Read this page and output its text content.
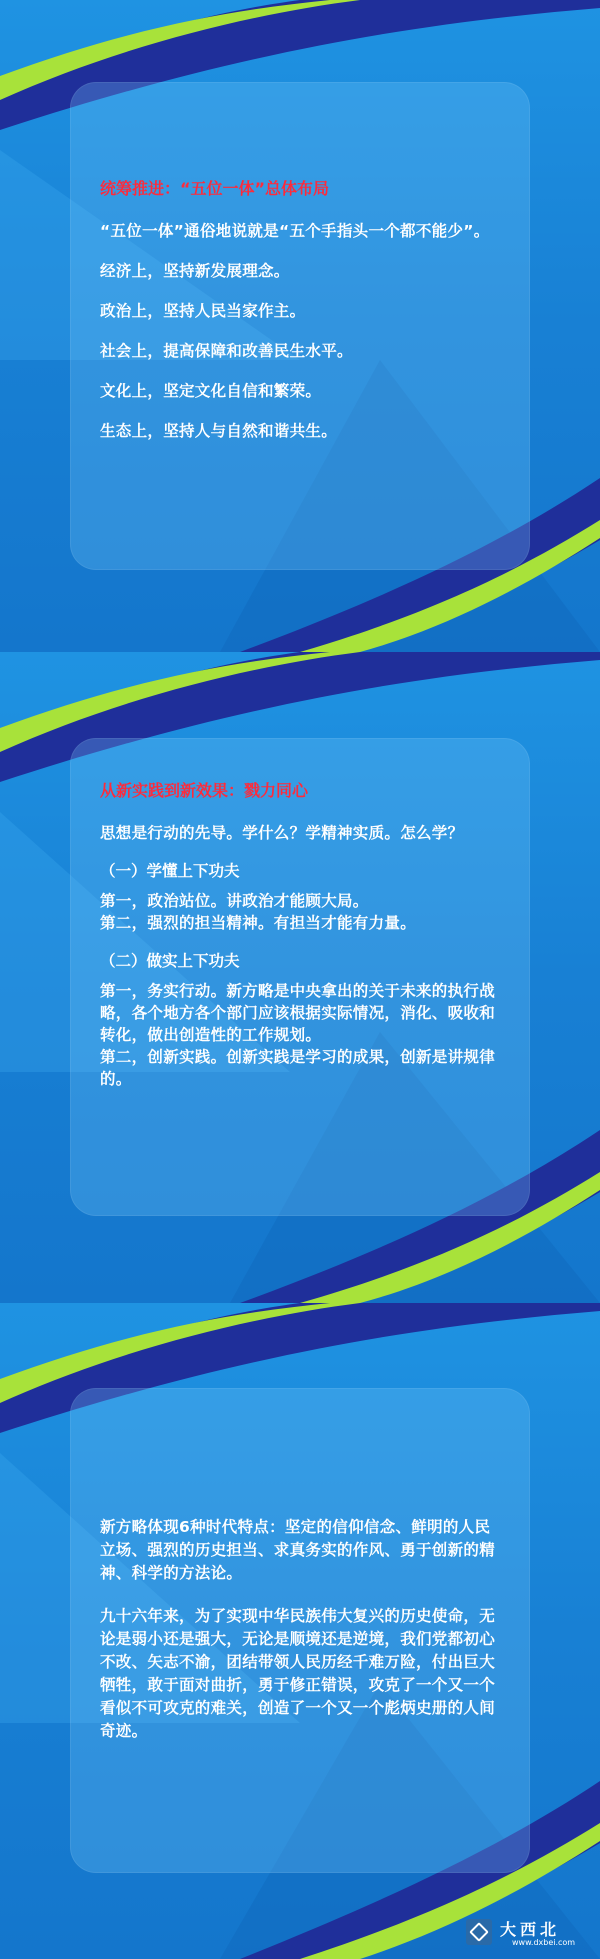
统筹推进：“五位一体”总体布局

“五位一体”通俗地说就是“五个手指头一个都不能少”。

经济上，坚持新发展理念。

政治上，坚持人民当家作主。

社会上，提高保障和改善民生水平。

文化上，坚定文化自信和繁荣。

生态上，坚持人与自然和谐共生。

从新实践到新效果：戮力同心

思想是行动的先导。学什么？学精神实质。怎么学？

（一）学懂上下功夫

第一，政治站位。讲政治才能顾大局。

第二，强烈的担当精神。有担当才能有力量。

（二）做实上下功夫

第一，务实行动。新方略是中央拿出的关于未来的执行战略，各个地方各个部门应该根据实际情况，消化、吸收和转化，做出创造性的工作规划。

第二，创新实践。创新实践是学习的成果，创新是讲规律的。

新方略体现6种时代特点：坚定的信仰信念、鲜明的人民立场、强烈的历史担当、求真务实的作风、勇于创新的精神、科学的方法论。

九十六年来，为了实现中华民族伟大复兴的历史使命，无论是弱小还是强大，无论是顺境还是逆境，我们党都初心不改、矢志不渝，团结带领人民历经千难万险，付出巨大牺牲，敢于面对曲折，勇于修正错误，攻克了一个又一个看似不可攻克的难关，创造了一个又一个彪炳史册的人间奇迹。

大西北
www.dxbei.com
